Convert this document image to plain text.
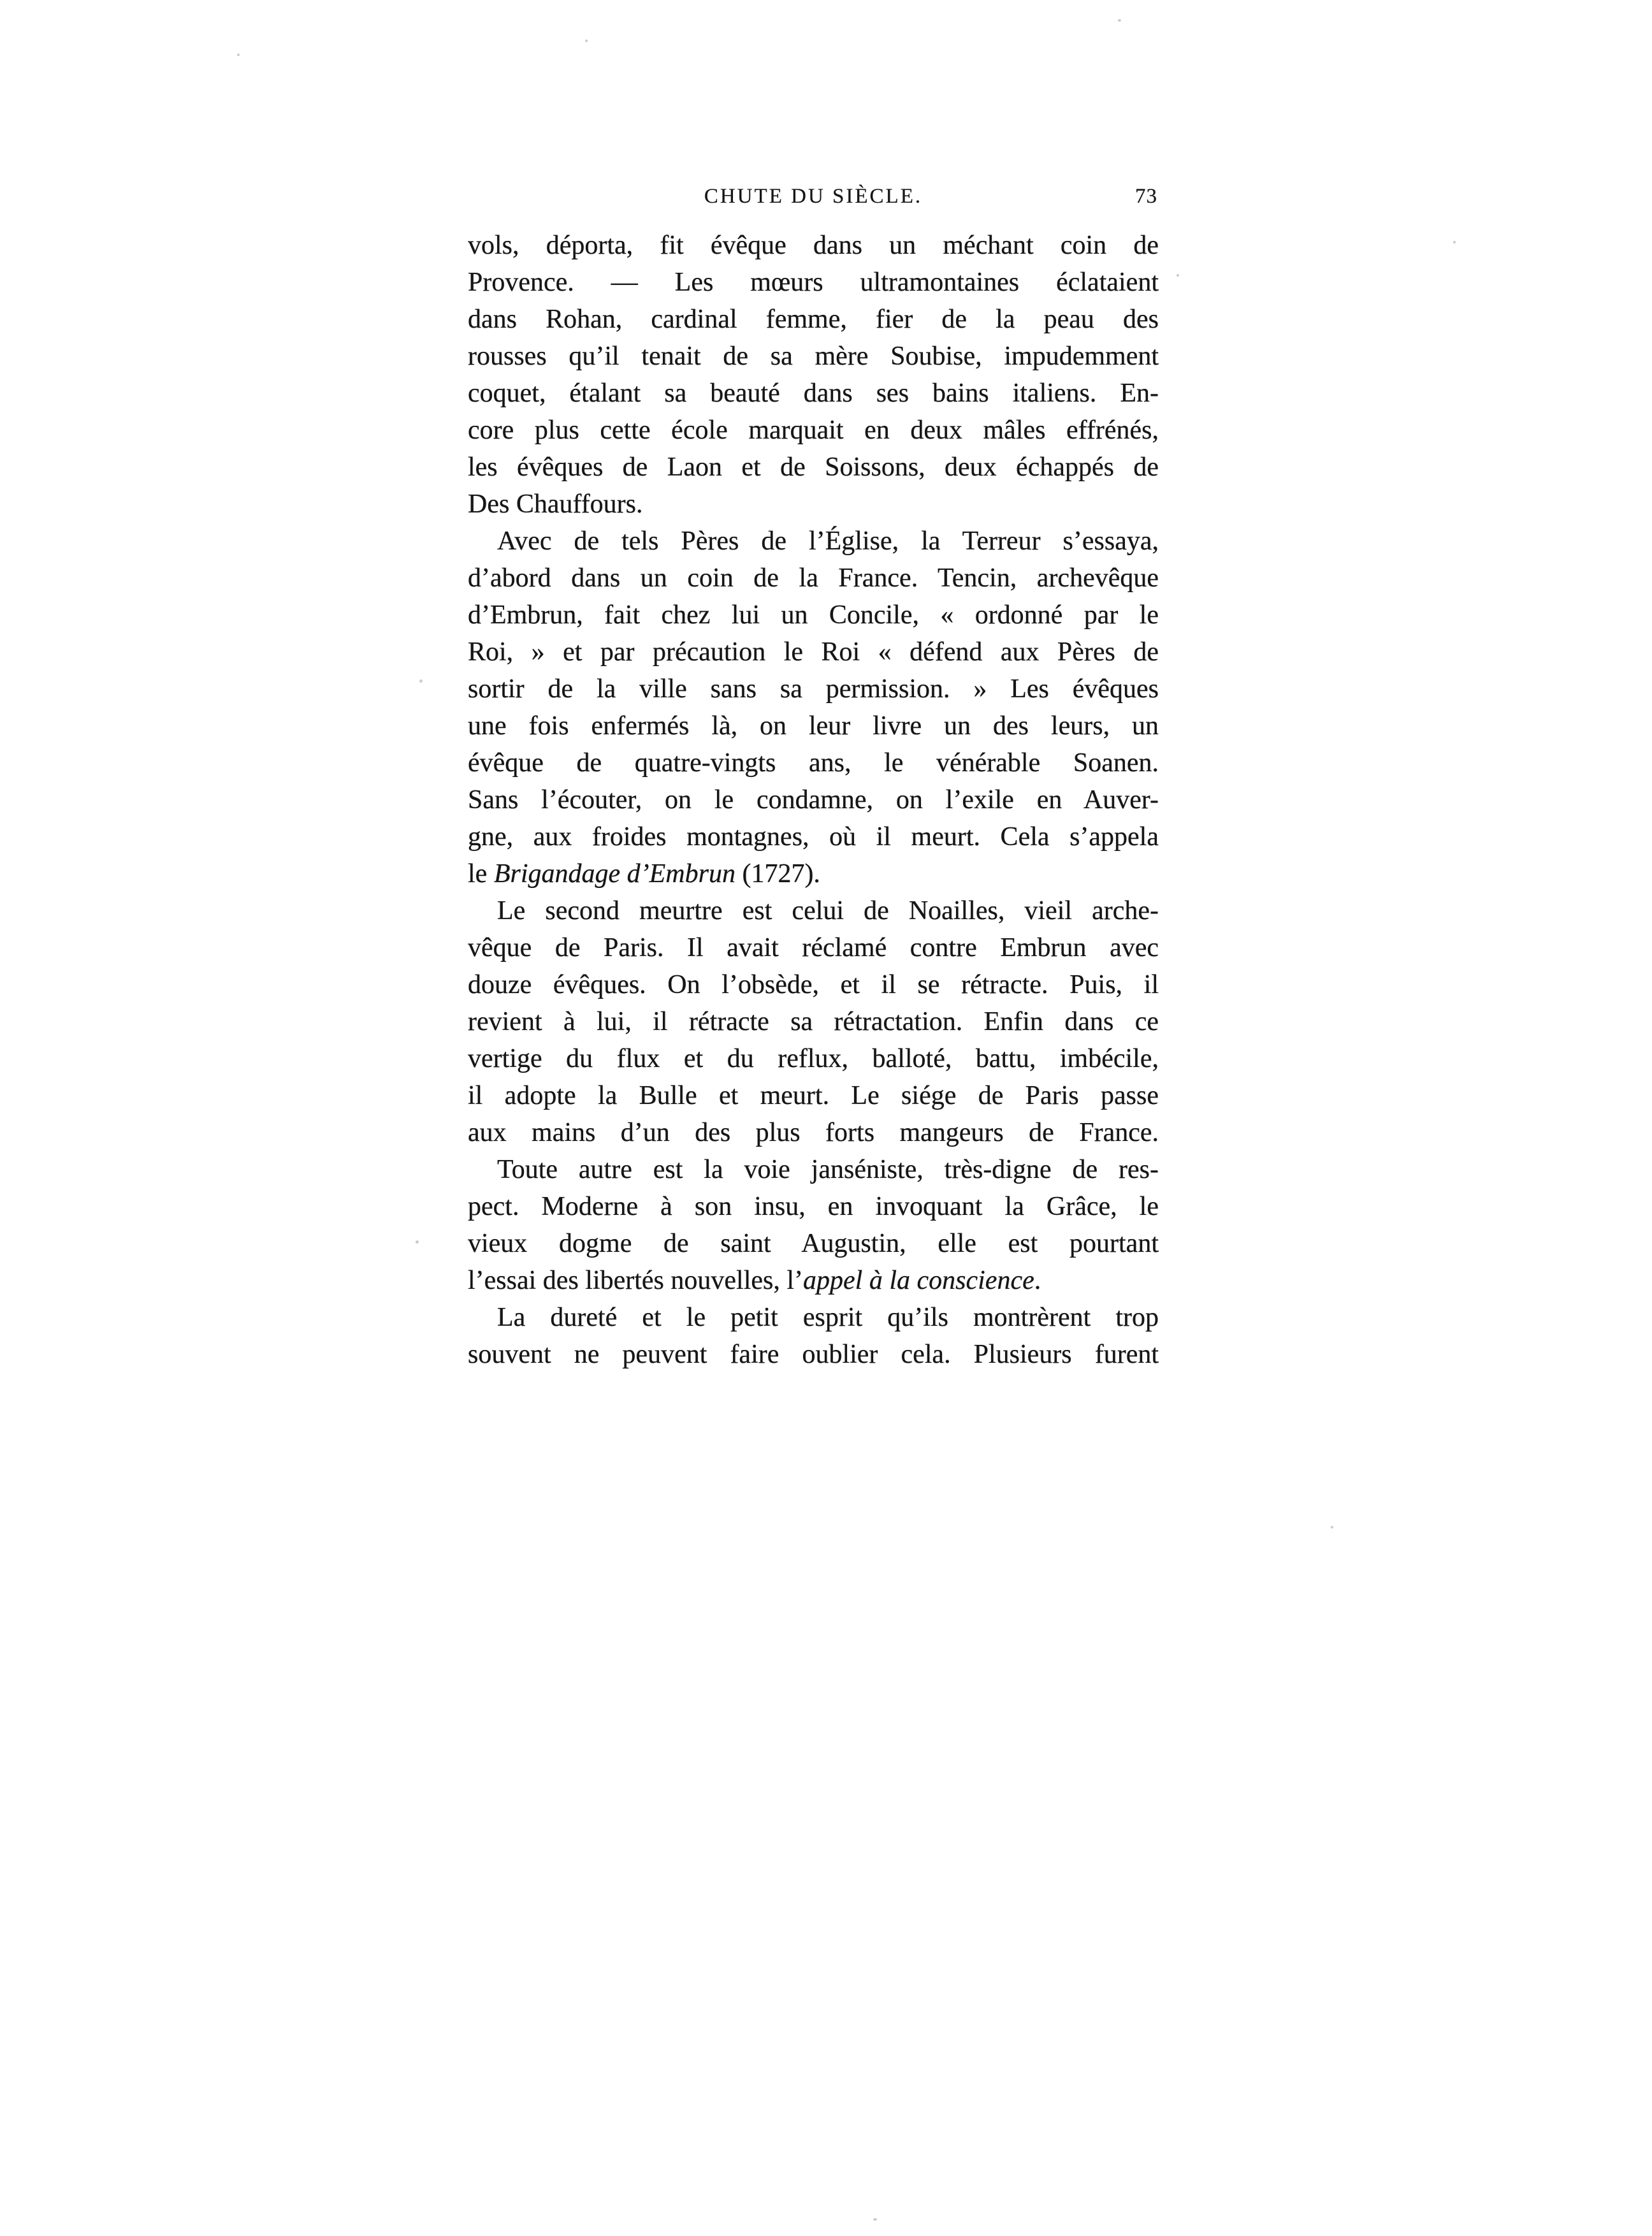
CHUTE DU SIÈCLE.	73
vols, déporta, fit évêque dans un méchant coin de
Provence. — Les mœurs ultramontaines éclataient
dans Rohan, cardinal femme, fier de la peau des
rousses qu’il tenait de sa mère Soubise, impudemment
coquet, étalant sa beauté dans ses bains italiens. En-
core plus cette école marquait en deux mâles effrénés,
les évêques de Laon et de Soissons, deux échappés de
Des Chauffours.
Avec de tels Pères de l’Église, la Terreur s’essaya,
d’abord dans un coin de la France. Tencin, archevêque
d’Embrun, fait chez lui un Concile, « ordonné par le
Roi, » et par précaution le Roi « défend aux Pères de
sortir de la ville sans sa permission. » Les évêques
une fois enfermés là, on leur livre un des leurs, un
évêque de quatre-vingts ans, le vénérable Soanen.
Sans l’écouter, on le condamne, on l’exile en Auver-
gne, aux froides montagnes, où il meurt. Cela s’appela
le Brigandage d’Embrun (1727).
Le second meurtre est celui de Noailles, vieil arche-
vêque de Paris. Il avait réclamé contre Embrun avec
douze évêques. On l’obsède, et il se rétracte. Puis, il
revient à lui, il rétracte sa rétractation. Enfin dans ce
vertige du flux et du reflux, balloté, battu, imbécile,
il adopte la Bulle et meurt. Le siége de Paris passe
aux mains d’un des plus forts mangeurs de France.
Toute autre est la voie janséniste, très-digne de res-
pect. Moderne à son insu, en invoquant la Grâce, le
vieux dogme de saint Augustin, elle est pourtant
l’essai des libertés nouvelles, l’appel à la conscience.
La dureté et le petit esprit qu’ils montrèrent trop
souvent ne peuvent faire oublier cela. Plusieurs furent
